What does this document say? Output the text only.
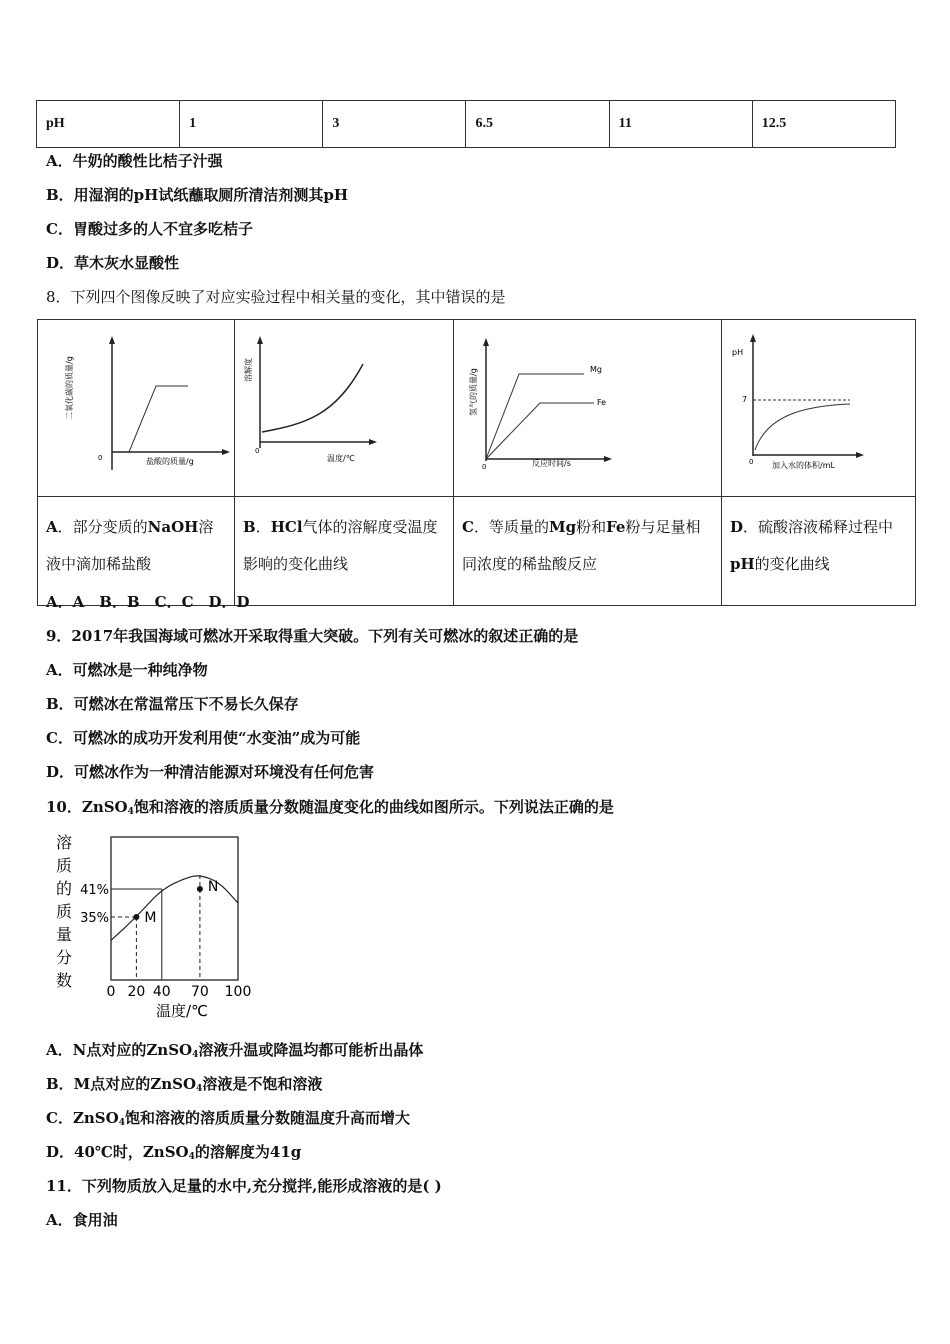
pH	1	3	6.5	11	12.5
A．牛奶的酸性比桔子汁强
B．用湿润的pH试纸蘸取厕所清洁剂测其pH
C．胃酸过多的人不宜多吃桔子
D．草木灰水显酸性
8．下列四个图像反映了对应实验过程中相关量的变化，其中错误的是
0
二氧化碳的质量/g
盐酸的质量/g	0
溶解度
温度/℃	Mg
Fe
0
氢气的质量/g
反应时间/s	pH
7
0 加入水的体积/mL

A．部分变质的NaOH溶液中滴加稀盐酸	B．HCl气体的溶解度受温度影响的变化曲线	C．等质量的Mg粉和Fe粉与足量相同浓度的稀盐酸反应	D．硫酸溶液稀释过程中pH的变化曲线
A．A　B．B　C．C　D．D
9．2017年我国海域可燃冰开采取得重大突破。下列有关可燃冰的叙述正确的是
A．可燃冰是一种纯净物
B．可燃冰在常温常压下不易长久保存
C．可燃冰的成功开发利用使“水变油”成为可能
D．可燃冰作为一种清洁能源对环境没有任何危害
10．ZnSO$_4$饱和溶液的溶质质量分数随温度变化的曲线如图所示。下列说法正确的是
溶
质
的
质
量
分
数
M
N
35%
41%
0 20 40 70 100
温度/℃
A．N点对应的ZnSO$_4$溶液升温或降温均都可能析出晶体
B．M点对应的ZnSO$_4$溶液是不饱和溶液
C．ZnSO$_4$饱和溶液的溶质质量分数随温度升高而增大
D．40℃时，ZnSO$_4$的溶解度为41g
11．下列物质放入足量的水中,充分搅拌,能形成溶液的是( )
A．食用油
